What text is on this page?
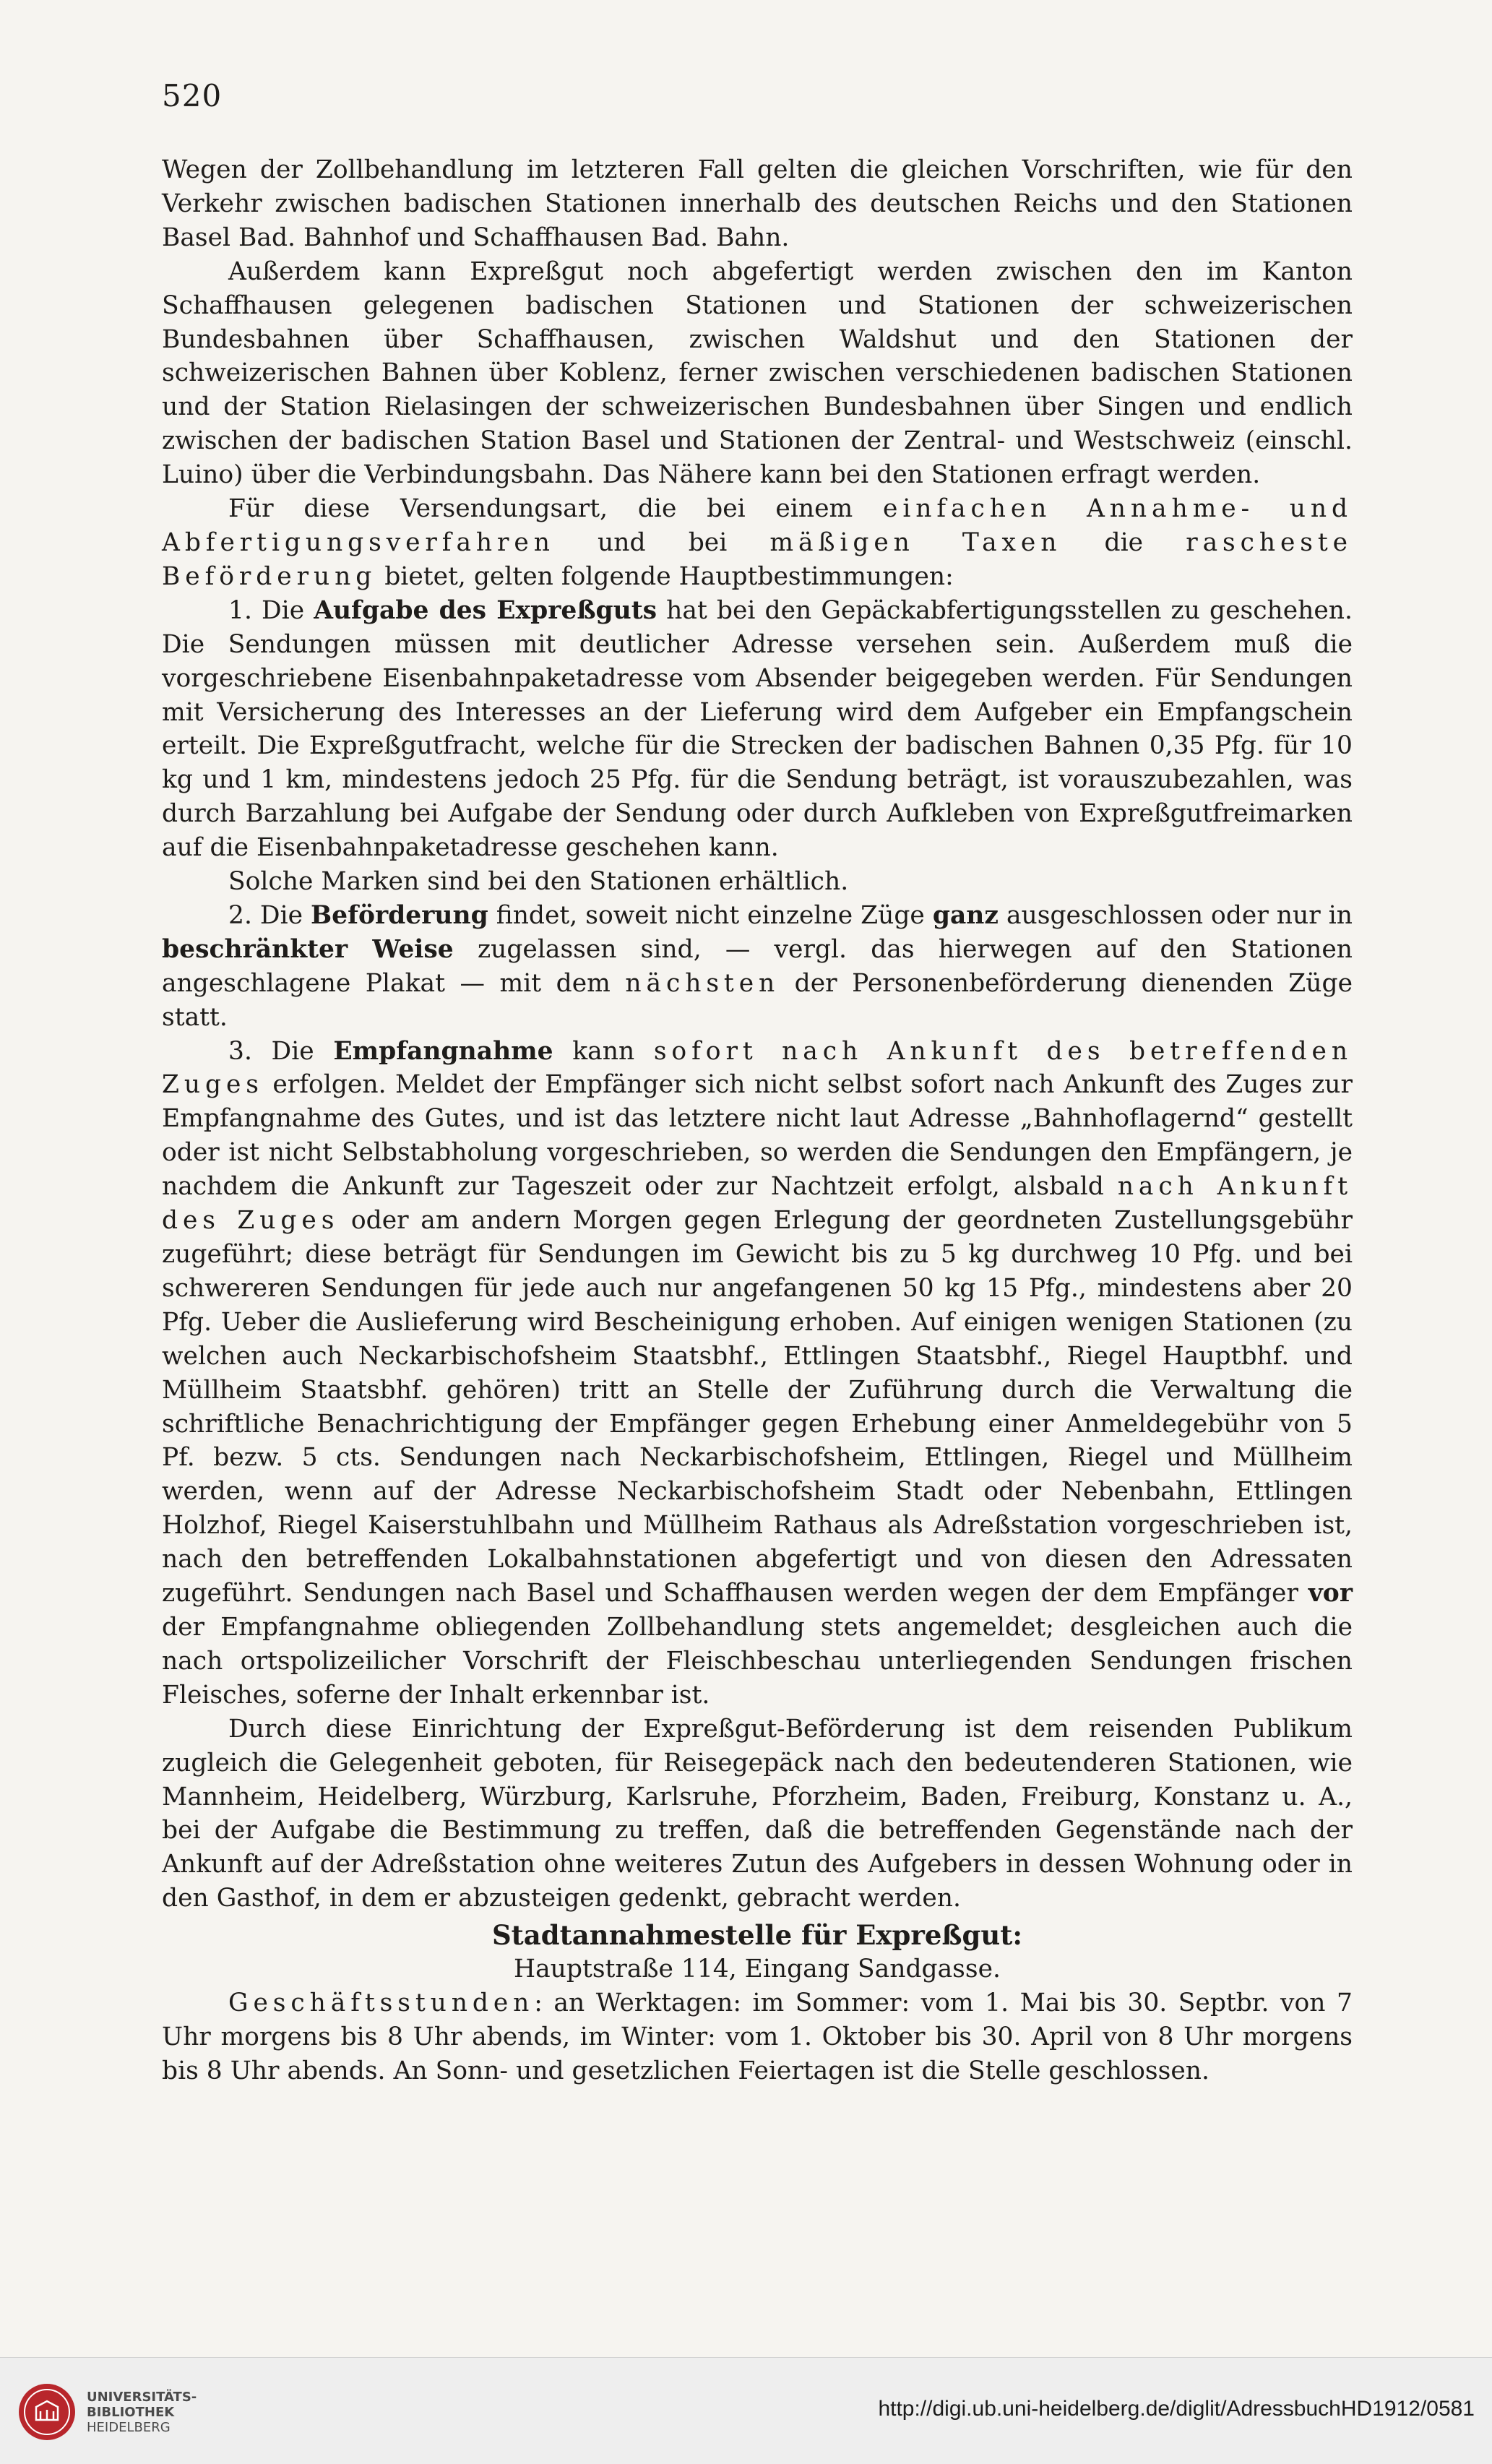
520

Wegen der Zollbehandlung im letzteren Fall gelten die gleichen Vorschriften, wie für den Verkehr zwischen badischen Stationen innerhalb des deutschen Reichs und den Stationen Basel Bad. Bahnhof und Schaffhausen Bad. Bahn.

Außerdem kann Expreßgut noch abgefertigt werden zwischen den im Kanton Schaffhausen gelegenen badischen Stationen und Stationen der schweizerischen Bundesbahnen über Schaffhausen, zwischen Waldshut und den Stationen der schweizerischen Bahnen über Koblenz, ferner zwischen verschiedenen badischen Stationen und der Station Rielasingen der schweizerischen Bundesbahnen über Singen und endlich zwischen der badischen Station Basel und Stationen der Zentral- und Westschweiz (einschl. Luino) über die Verbindungsbahn. Das Nähere kann bei den Stationen erfragt werden.

Für diese Versendungsart, die bei einem einfachen Annahme- und Abfertigungsverfahren und bei mäßigen Taxen die rascheste Beförderung bietet, gelten folgende Hauptbestimmungen:

1. Die Aufgabe des Expreßguts hat bei den Gepäckabfertigungsstellen zu geschehen. Die Sendungen müssen mit deutlicher Adresse versehen sein. Außerdem muß die vorgeschriebene Eisenbahnpaketadresse vom Absender beigegeben werden. Für Sendungen mit Versicherung des Interesses an der Lieferung wird dem Aufgeber ein Empfangschein erteilt. Die Expreßgutfracht, welche für die Strecken der badischen Bahnen 0,35 Pfg. für 10 kg und 1 km, mindestens jedoch 25 Pfg. für die Sendung beträgt, ist vorauszubezahlen, was durch Barzahlung bei Aufgabe der Sendung oder durch Aufkleben von Expreßgutfreimarken auf die Eisenbahnpaketadresse geschehen kann.

Solche Marken sind bei den Stationen erhältlich.

2. Die Beförderung findet, soweit nicht einzelne Züge ganz ausgeschlossen oder nur in beschränkter Weise zugelassen sind, — vergl. das hierwegen auf den Stationen angeschlagene Plakat — mit dem nächsten der Personenbeförderung dienenden Züge statt.

3. Die Empfangnahme kann sofort nach Ankunft des betreffenden Zuges erfolgen. Meldet der Empfänger sich nicht selbst sofort nach Ankunft des Zuges zur Empfangnahme des Gutes, und ist das letztere nicht laut Adresse „Bahnhoflagernd“ gestellt oder ist nicht Selbstabholung vorgeschrieben, so werden die Sendungen den Empfängern, je nachdem die Ankunft zur Tageszeit oder zur Nachtzeit erfolgt, alsbald nach Ankunft des Zuges oder am andern Morgen gegen Erlegung der geordneten Zustellungsgebühr zugeführt; diese beträgt für Sendungen im Gewicht bis zu 5 kg durchweg 10 Pfg. und bei schwereren Sendungen für jede auch nur angefangenen 50 kg 15 Pfg., mindestens aber 20 Pfg. Ueber die Auslieferung wird Bescheinigung erhoben. Auf einigen wenigen Stationen (zu welchen auch Neckarbischofsheim Staatsbhf., Ettlingen Staatsbhf., Riegel Hauptbhf. und Müllheim Staatsbhf. gehören) tritt an Stelle der Zuführung durch die Verwaltung die schriftliche Benachrichtigung der Empfänger gegen Erhebung einer Anmeldegebühr von 5 Pf. bezw. 5 cts. Sendungen nach Neckarbischofsheim, Ettlingen, Riegel und Müllheim werden, wenn auf der Adresse Neckarbischofsheim Stadt oder Nebenbahn, Ettlingen Holzhof, Riegel Kaiserstuhlbahn und Müllheim Rathaus als Adreßstation vorgeschrieben ist, nach den betreffenden Lokalbahnstationen abgefertigt und von diesen den Adressaten zugeführt. Sendungen nach Basel und Schaffhausen werden wegen der dem Empfänger vor der Empfangnahme obliegenden Zollbehandlung stets angemeldet; desgleichen auch die nach ortspolizeilicher Vorschrift der Fleischbeschau unterliegenden Sendungen frischen Fleisches, soferne der Inhalt erkennbar ist.

Durch diese Einrichtung der Expreßgut-Beförderung ist dem reisenden Publikum zugleich die Gelegenheit geboten, für Reisegepäck nach den bedeutenderen Stationen, wie Mannheim, Heidelberg, Würzburg, Karlsruhe, Pforzheim, Baden, Freiburg, Konstanz u. A., bei der Aufgabe die Bestimmung zu treffen, daß die betreffenden Gegenstände nach der Ankunft auf der Adreßstation ohne weiteres Zutun des Aufgebers in dessen Wohnung oder in den Gasthof, in dem er abzusteigen gedenkt, gebracht werden.

Stadtannahmestelle für Expreßgut:

Hauptstraße 114, Eingang Sandgasse.

Geschäftsstunden: an Werktagen: im Sommer: vom 1. Mai bis 30. Septbr. von 7 Uhr morgens bis 8 Uhr abends, im Winter: vom 1. Oktober bis 30. April von 8 Uhr morgens bis 8 Uhr abends. An Sonn- und gesetzlichen Feiertagen ist die Stelle geschlossen.

UNIVERSITÄTS-
BIBLIOTHEK
HEIDELBERG
http://digi.ub.uni-heidelberg.de/diglit/AdressbuchHD1912/0581
